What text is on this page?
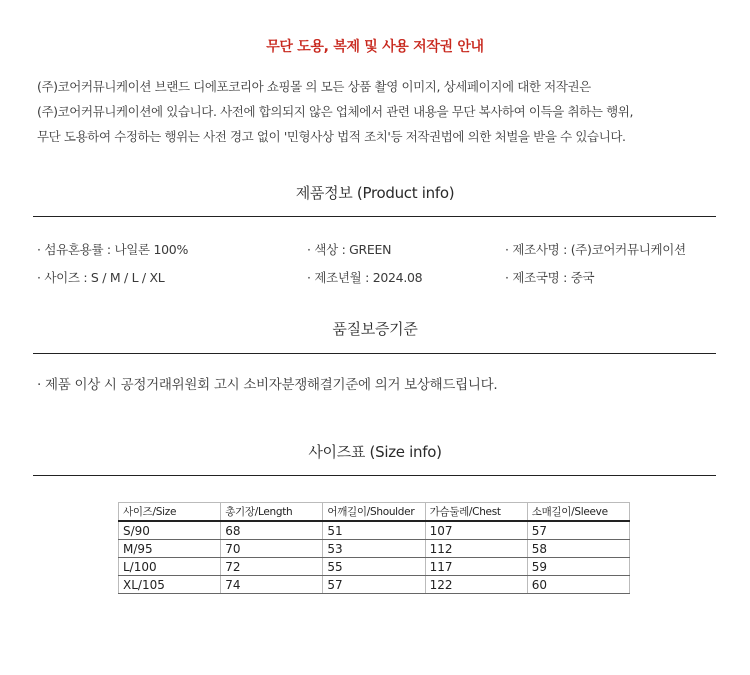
무단 도용, 복제 및 사용 저작권 안내
(주)코어커뮤니케이션 브랜드 디에포코리아 쇼핑몰 의 모든 상품 촬영 이미지, 상세페이지에 대한 저작권은
(주)코어커뮤니케이션에 있습니다. 사전에 합의되지 않은 업체에서 관련 내용을 무단 복사하여 이득을 취하는 행위,
무단 도용하여 수정하는 행위는 사전 경고 없이 '민형사상 법적 조치'등 저작권법에 의한 처벌을 받을 수 있습니다.
제품정보 (Product info)
· 섬유혼용률 : 나일론 100%	· 색상 : GREEN	· 제조사명 : (주)코어커뮤니케이션
· 사이즈 : S / M / L / XL	· 제조년월 : 2024.08	· 제조국명 : 중국
품질보증기준
· 제품 이상 시 공정거래위원회 고시 소비자분쟁해결기준에 의거 보상해드립니다.
사이즈표 (Size info)
사이즈/Size	총기장/Length	어깨길이/Shoulder	가슴둘레/Chest	소매길이/Sleeve
S/90	68	51	107	57
M/95	70	53	112	58
L/100	72	55	117	59
XL/105	74	57	122	60
